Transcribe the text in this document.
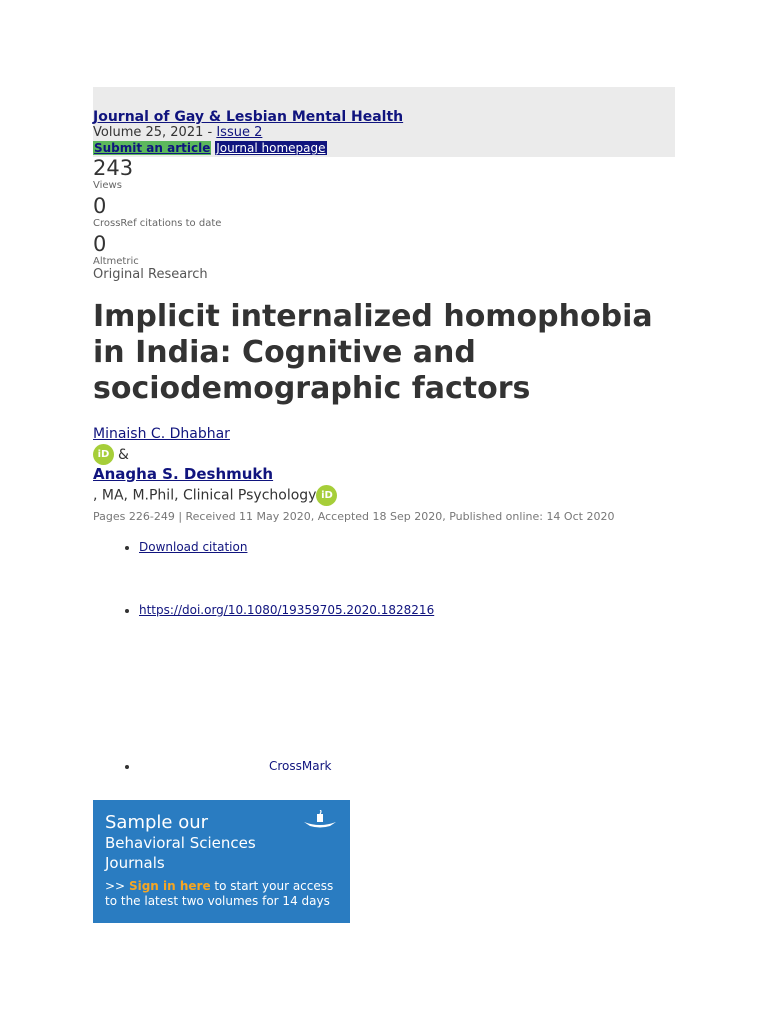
Journal of Gay & Lesbian Mental Health
Volume 25, 2021 - Issue 2
Submit an article Journal homepage
243
Views
0
CrossRef citations to date
0
Altmetric
Original Research
Implicit internalized homophobia in India: Cognitive and sociodemographic factors
Minaish C. Dhabhar
iD &
Anagha S. Deshmukh
, MA, M.Phil, Clinical Psychology iD
Pages 226-249 | Received 11 May 2020, Accepted 18 Sep 2020, Published online: 14 Oct 2020
• Download citation
• https://doi.org/10.1080/19359705.2020.1828216
• CrossMark
Sample our
Behavioral Sciences
Journals
>> Sign in here to start your access
to the latest two volumes for 14 days
